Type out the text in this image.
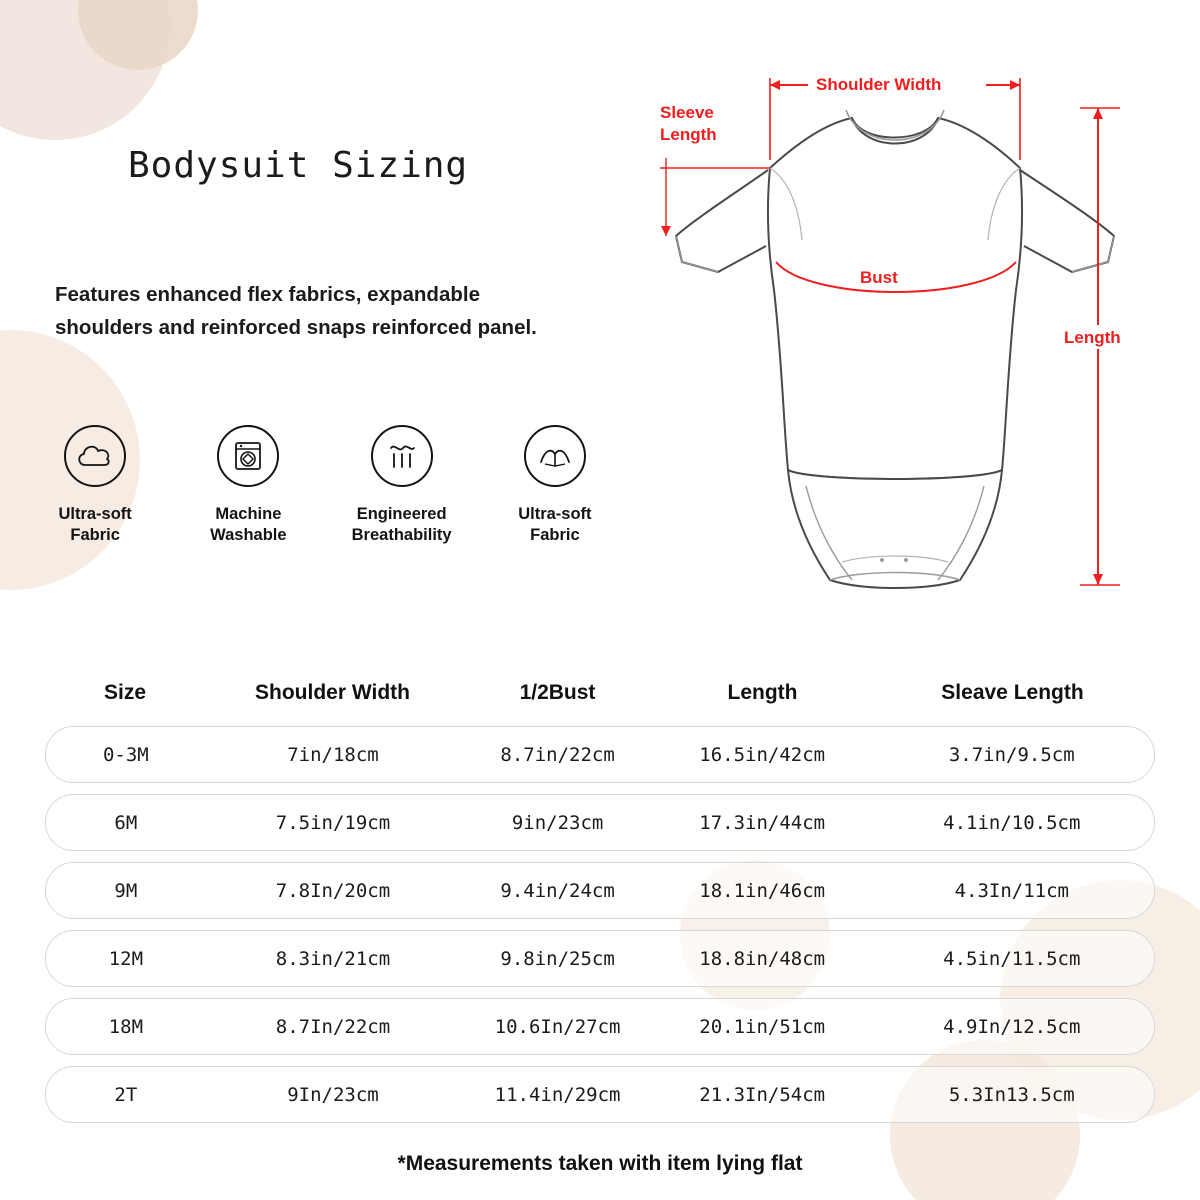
Bodysuit Sizing
Features enhanced flex fabrics, expandable shoulders and reinforced snaps reinforced panel.
Ultra-soft
Fabric
Machine
Washable
Engineered
Breathability
Ultra-soft
Fabric
Shoulder Width
Sleeve
Length
Bust
Length
Size	Shoulder Width	1/2Bust	Length	Sleave Length
0-3M	7in/18cm	8.7in/22cm	16.5in/42cm	3.7in/9.5cm
6M	7.5in/19cm	9in/23cm	17.3in/44cm	4.1in/10.5cm
9M	7.8In/20cm	9.4in/24cm	18.1in/46cm	4.3In/11cm
12M	8.3in/21cm	9.8in/25cm	18.8in/48cm	4.5in/11.5cm
18M	8.7In/22cm	10.6In/27cm	20.1in/51cm	4.9In/12.5cm
2T	9In/23cm	11.4in/29cm	21.3In/54cm	5.3In13.5cm
*Measurements taken with item lying flat
